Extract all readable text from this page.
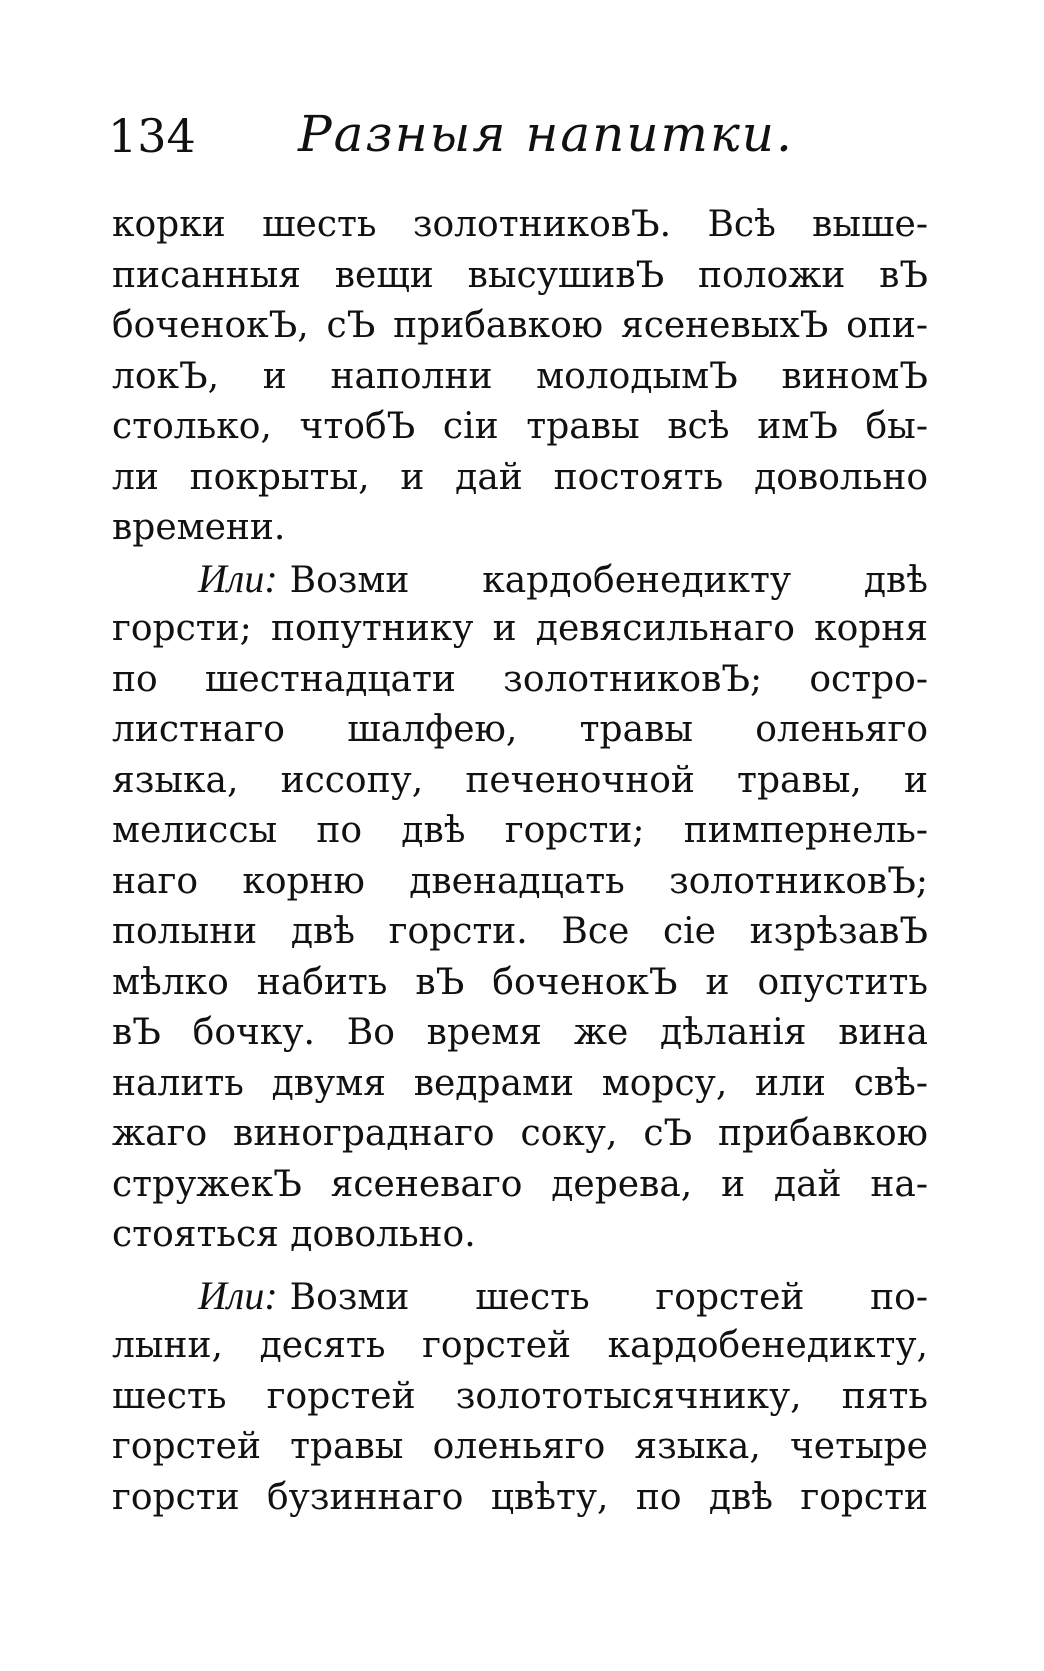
134 Разныя напитки.
корки шесть золотниковЪ. Всѣ выше-
писанныя вещи высушивЪ положи вЪ
боченокЪ, сЪ прибавкою ясеневыхЪ опи-
локЪ, и наполни молодымЪ виномЪ
столько, чтобЪ сіи травы всѣ имЪ бы-
ли покрыты, и дай постоять довольно
времени.
Или: Возми кардобенедикту двѣ
горсти; попутнику и девясильнаго корня
по шестнадцати золотниковЪ; остро-
листнаго шалфею, травы оленьяго
языка, иссопу, печеночной травы, и
мелиссы по двѣ горсти; пимпернель-
наго корню двенадцать золотниковЪ;
полыни двѣ горсти. Все сіе изрѣзавЪ
мѣлко набить вЪ боченокЪ и опустить
вЪ бочку. Во время же дѣланія вина
налить двумя ведрами морсу, или свѣ-
жаго винограднаго соку, сЪ прибавкою
стружекЪ ясеневаго дерева, и дай на-
стояться довольно.
Или: Возми шесть горстей по-
лыни, десять горстей кардобенедикту,
шесть горстей золототысячнику, пять
горстей травы оленьяго языка, четыре
горсти бузиннаго цвѣту, по двѣ горсти
